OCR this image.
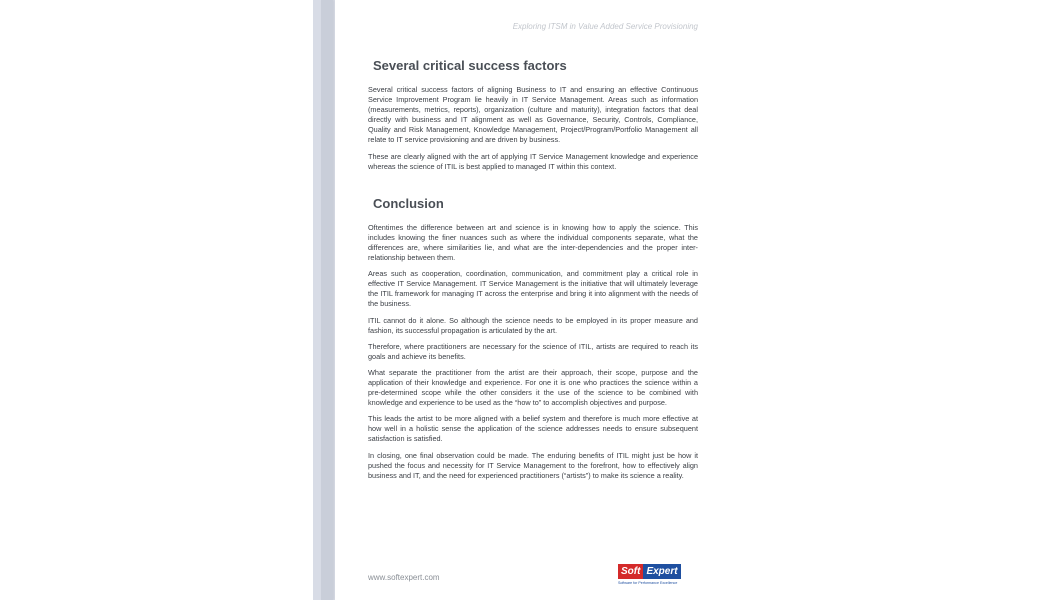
Exploring ITSM in Value Added Service Provisioning
Several critical success factors

Several critical success factors of aligning Business to IT and ensuring an effective Continuous Service Improvement Program lie heavily in IT Service Management. Areas such as information (measurements, metrics, reports), organization (culture and maturity), integration factors that deal directly with business and IT alignment as well as Governance, Security, Controls, Compliance, Quality and Risk Management, Knowledge Management, Project/Program/Portfolio Management all relate to IT service provisioning and are driven by business.

These are clearly aligned with the art of applying IT Service Management knowledge and experience whereas the science of ITIL is best applied to managed IT within this context.

Conclusion

Oftentimes the difference between art and science is in knowing how to apply the science. This includes knowing the finer nuances such as where the individual components separate, what the differences are, where similarities lie, and what are the inter-dependencies and the proper inter-relationship between them.

Areas such as cooperation, coordination, communication, and commitment play a critical role in effective IT Service Management. IT Service Management is the initiative that will ultimately leverage the ITIL framework for managing IT across the enterprise and bring it into alignment with the needs of the business.

ITIL cannot do it alone. So although the science needs to be employed in its proper measure and fashion, its successful propagation is articulated by the art.

Therefore, where practitioners are necessary for the science of ITIL, artists are required to reach its goals and achieve its benefits.

What separate the practitioner from the artist are their approach, their scope, purpose and the application of their knowledge and experience. For one it is one who practices the science within a pre-determined scope while the other considers it the use of the science to be combined with knowledge and experience to be used as the “how to” to accomplish objectives and purpose.

This leads the artist to be more aligned with a belief system and therefore is much more effective at how well in a holistic sense the application of the science addresses needs to ensure subsequent satisfaction is satisfied.

In closing, one final observation could be made. The enduring benefits of ITIL might just be how it pushed the focus and necessity for IT Service Management to the forefront, how to effectively align business and IT, and the need for experienced practitioners (“artists”) to make its science a reality.

www.softexpert.com
Soft Expert
Software for Performance Excellence
